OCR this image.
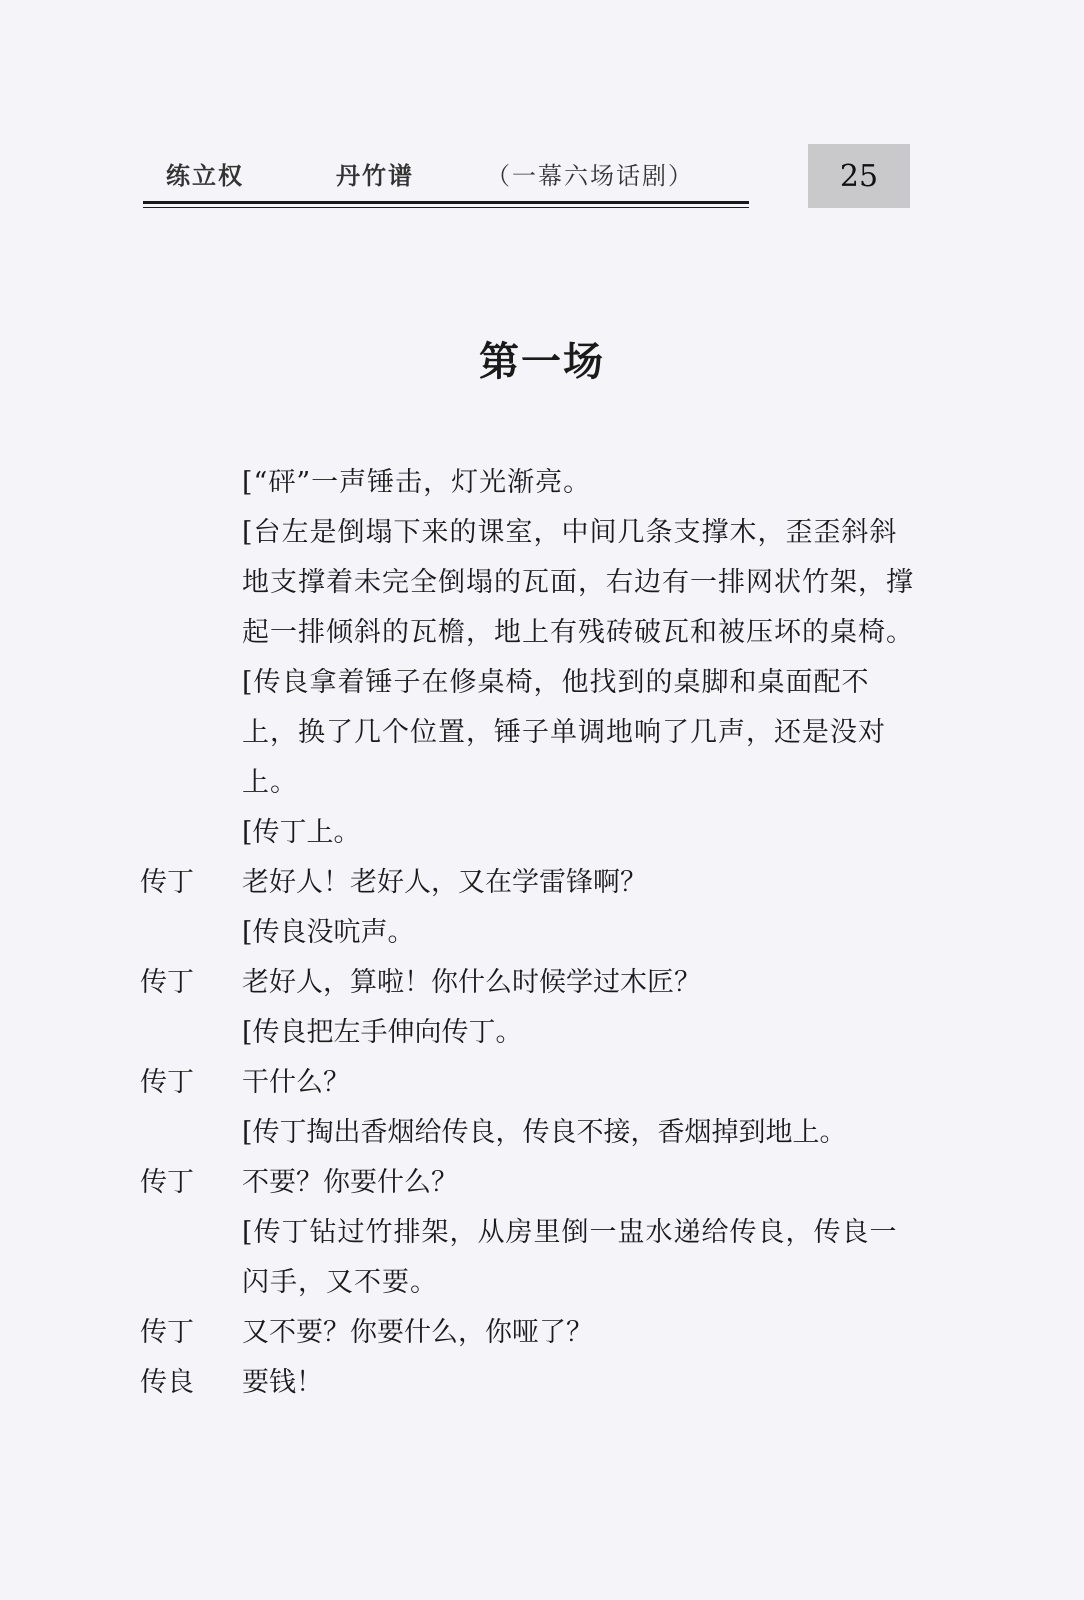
练立权	丹竹谱	（一幕六场话剧）	25
第一场
[“砰”一声锤击，灯光渐亮。
[台左是倒塌下来的课室，中间几条支撑木，歪歪斜斜地支撑着未完全倒塌的瓦面，右边有一排网状竹架，撑起一排倾斜的瓦檐，地上有残砖破瓦和被压坏的桌椅。
[传良拿着锤子在修桌椅，他找到的桌脚和桌面配不上，换了几个位置，锤子单调地响了几声，还是没对上。
[传丁上。
传丁	老好人！老好人，又在学雷锋啊？
[传良没吭声。
传丁	老好人，算啦！你什么时候学过木匠？
[传良把左手伸向传丁。
传丁	干什么？
[传丁掏出香烟给传良，传良不接，香烟掉到地上。
传丁	不要？你要什么？
[传丁钻过竹排架，从房里倒一盅水递给传良，传良一闪手，又不要。
传丁	又不要？你要什么，你哑了？
传良	要钱！
